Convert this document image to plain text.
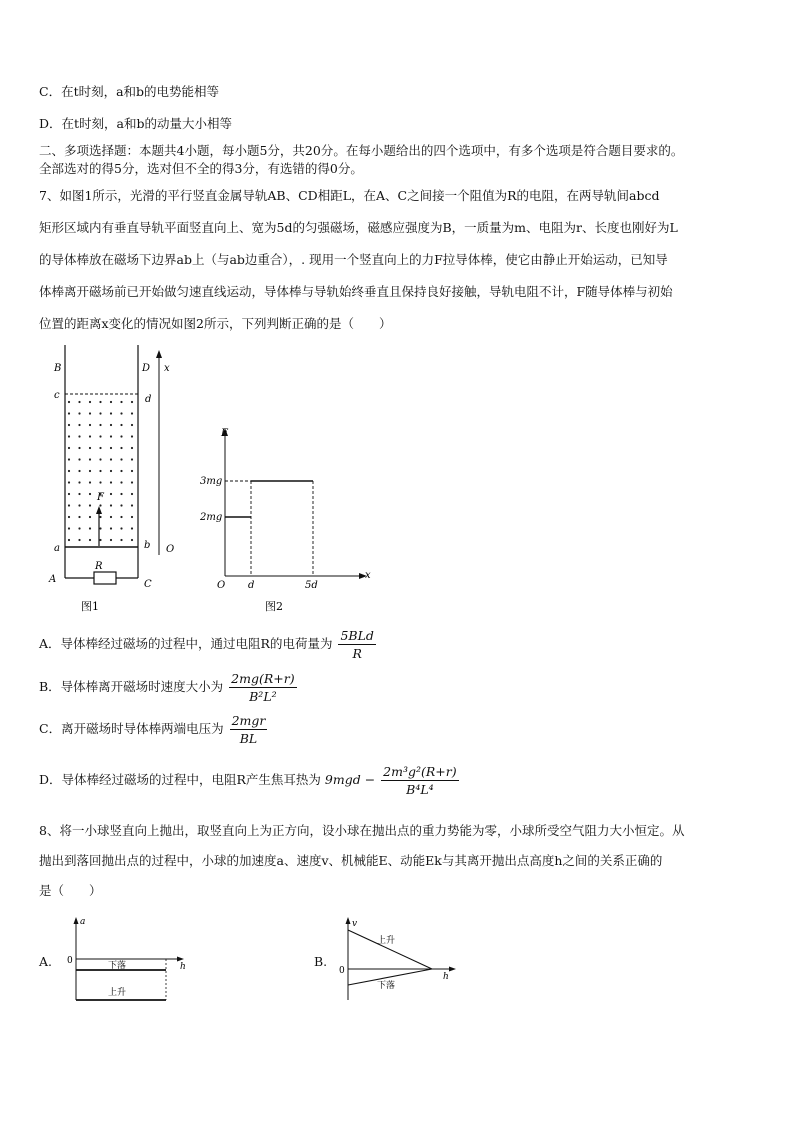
C．在t时刻，a和b的电势能相等
D．在t时刻，a和b的动量大小相等
二、多项选择题：本题共4小题，每小题5分，共20分。在每小题给出的四个选项中，有多个选项是符合题目要求的。
全部选对的得5分，选对但不全的得3分，有选错的得0分。
7、如图1所示，光滑的平行竖直金属导轨AB、CD相距L，在A、C之间接一个阻值为R的电阻，在两导轨间abcd
矩形区域内有垂直导轨平面竖直向上、宽为5d的匀强磁场，磁感应强度为B，一质量为m、电阻为r、长度也刚好为L
的导体棒放在磁场下边界ab上（与ab边重合），. 现用一个竖直向上的力F拉导体棒，使它由静止开始运动，已知导
体棒离开磁场前已开始做匀速直线运动，导体棒与导轨始终垂直且保持良好接触，导轨电阻不计，F随导体棒与初始
位置的距离x变化的情况如图2所示，下列判断正确的是（　　）
B	D x
c	d
a	b O
A	C
R
F
图1
F
3mg
2mg
O d	5d
x
图2
A．导体棒经过磁场的过程中，通过电阻R的电荷量为 $\frac{\text{5BLd}}{R}$
B．导体棒离开磁场时速度大小为 $\frac{2mg(R+r)}{\text{B²L²}}$
C．离开磁场时导体棒两端电压为 $\frac{\text{2mgr}}{BL}$
D．导体棒经过磁场的过程中，电阻R产生焦耳热为 $9mgd - \frac{\text{2m³g²(R+r)}}{\text{B⁴L⁴}}$
8、将一小球竖直向上抛出，取竖直向上为正方向，设小球在抛出点的重力势能为零，小球所受空气阻力大小恒定。从
抛出到落回抛出点的过程中，小球的加速度a、速度v、机械能E、动能Ek与其离开抛出点高度h之间的关系正确的
是（　　）
A.
a
h
0	下落
上升
B.
v
h
0
上升
下落
